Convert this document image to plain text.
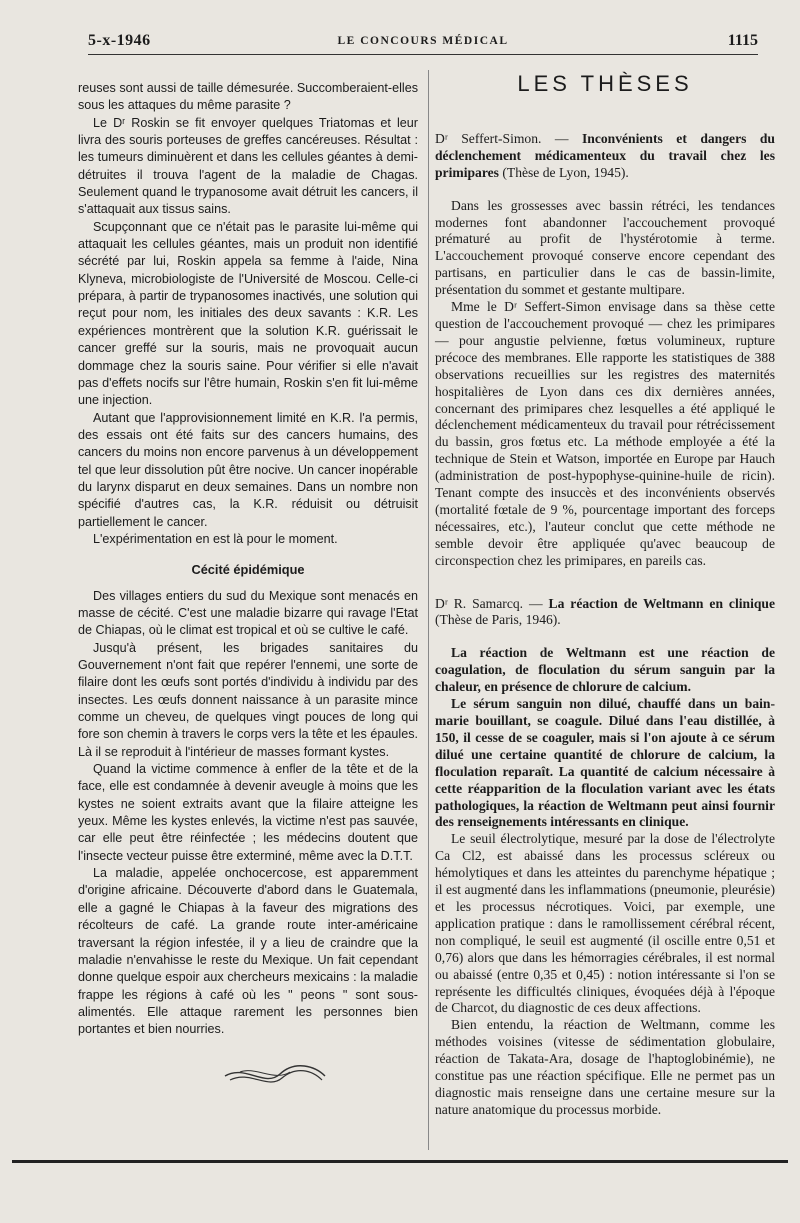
5-x-1946	LE CONCOURS MÉDICAL	1115

reuses sont aussi de taille démesurée. Succomberaient-elles sous les attaques du même parasite ?

Le Dʳ Roskin se fit envoyer quelques Triatomas et leur livra des souris porteuses de greffes cancéreuses. Résultat : les tumeurs diminuèrent et dans les cellules géantes à demi-détruites il trouva l'agent de la maladie de Chagas. Seulement quand le trypanosome avait détruit les cancers, il s'attaquait aux tissus sains.

Scupçonnant que ce n'était pas le parasite lui-même qui attaquait les cellules géantes, mais un produit non identifié sécrété par lui, Roskin appela sa femme à l'aide, Nina Klyneva, microbiologiste de l'Université de Moscou. Celle-ci prépara, à partir de trypanosomes inactivés, une solution qui reçut pour nom, les initiales des deux savants : K.R. Les expériences montrèrent que la solution K.R. guérissait le cancer greffé sur la souris, mais ne provoquait aucun dommage chez la souris saine. Pour vérifier si elle n'avait pas d'effets nocifs sur l'être humain, Roskin s'en fit lui-même une injection.

Autant que l'approvisionnement limité en K.R. l'a permis, des essais ont été faits sur des cancers humains, des cancers du moins non encore parvenus à un développement tel que leur dissolution pût être nocive. Un cancer inopérable du larynx disparut en deux semaines. Dans un nombre non spécifié d'autres cas, la K.R. réduisit ou détruisit partiellement le cancer.

L'expérimentation en est là pour le moment.

Cécité épidémique

Des villages entiers du sud du Mexique sont menacés en masse de cécité. C'est une maladie bizarre qui ravage l'Etat de Chiapas, où le climat est tropical et où se cultive le café.

Jusqu'à présent, les brigades sanitaires du Gouvernement n'ont fait que repérer l'ennemi, une sorte de filaire dont les œufs sont portés d'individu à individu par des insectes. Les œufs donnent naissance à un parasite mince comme un cheveu, de quelques vingt pouces de long qui fore son chemin à travers le corps vers la tête et les épaules. Là il se reproduit à l'intérieur de masses formant kystes.

Quand la victime commence à enfler de la tête et de la face, elle est condamnée à devenir aveugle à moins que les kystes ne soient extraits avant que la filaire atteigne les yeux. Même les kystes enlevés, la victime n'est pas sauvée, car elle peut être réinfectée ; les médecins doutent que l'insecte vecteur puisse être exterminé, même avec la D.T.T.

La maladie, appelée onchocercose, est apparemment d'origine africaine. Découverte d'abord dans le Guatemala, elle a gagné le Chiapas à la faveur des migrations des récolteurs de café. La grande route inter-américaine traversant la région infestée, il y a lieu de craindre que la maladie n'envahisse le reste du Mexique. Un fait cependant donne quelque espoir aux chercheurs mexicains : la maladie frappe les régions à café où les " peons " sont sous-alimentés. Elle attaque rarement les personnes bien portantes et bien nourries.

LES THÈSES

Dʳ Seffert-Simon. — Inconvénients et dangers du déclenchement médicamenteux du travail chez les primipares (Thèse de Lyon, 1945).

Dans les grossesses avec bassin rétréci, les tendances modernes font abandonner l'accouchement provoqué prématuré au profit de l'hystérotomie à terme. L'accouchement provoqué conserve encore cependant des partisans, en particulier dans le cas de bassin-limite, présentation du sommet et gestante multipare.

Mme le Dʳ Seffert-Simon envisage dans sa thèse cette question de l'accouchement provoqué — chez les primipares — pour angustie pelvienne, fœtus volumineux, rupture précoce des membranes. Elle rapporte les statistiques de 388 observations recueillies sur les registres des maternités hospitalières de Lyon dans ces dix dernières années, concernant des primipares chez lesquelles a été appliqué le déclenchement médicamenteux du travail pour rétrécissement du bassin, gros fœtus etc. La méthode employée a été la technique de Stein et Watson, importée en Europe par Hauch (administration de post-hypophyse-quinine-huile de ricin). Tenant compte des insuccès et des inconvénients observés (mortalité fœtale de 9 %, pourcentage important des forceps nécessaires, etc.), l'auteur conclut que cette méthode ne semble devoir être appliquée qu'avec beaucoup de circonspection chez les primipares, en pareils cas.

Dʳ R. Samarcq. — La réaction de Weltmann en clinique (Thèse de Paris, 1946).

La réaction de Weltmann est une réaction de coagulation, de floculation du sérum sanguin par la chaleur, en présence de chlorure de calcium.

Le sérum sanguin non dilué, chauffé dans un bain-marie bouillant, se coagule. Dilué dans l'eau distillée, à 150, il cesse de se coaguler, mais si l'on ajoute à ce sérum dilué une certaine quantité de chlorure de calcium, la floculation reparaît. La quantité de calcium nécessaire à cette réapparition de la floculation variant avec les états pathologiques, la réaction de Weltmann peut ainsi fournir des renseignements intéressants en clinique.

Le seuil électrolytique, mesuré par la dose de l'électrolyte Ca Cl2, est abaissé dans les processus scléreux ou hémolytiques et dans les atteintes du parenchyme hépatique ; il est augmenté dans les inflammations (pneumonie, pleurésie) et les processus nécrotiques. Voici, par exemple, une application pratique : dans le ramollissement cérébral récent, non compliqué, le seuil est augmenté (il oscille entre 0,51 et 0,76) alors que dans les hémorragies cérébrales, il est normal ou abaissé (entre 0,35 et 0,45) : notion intéressante si l'on se représente les difficultés cliniques, évoquées déjà à l'époque de Charcot, du diagnostic de ces deux affections.

Bien entendu, la réaction de Weltmann, comme les méthodes voisines (vitesse de sédimentation globulaire, réaction de Takata-Ara, dosage de l'haptoglobinémie), ne constitue pas une réaction spécifique. Elle ne permet pas un diagnostic mais renseigne dans une certaine mesure sur la nature anatomique du processus morbide.
